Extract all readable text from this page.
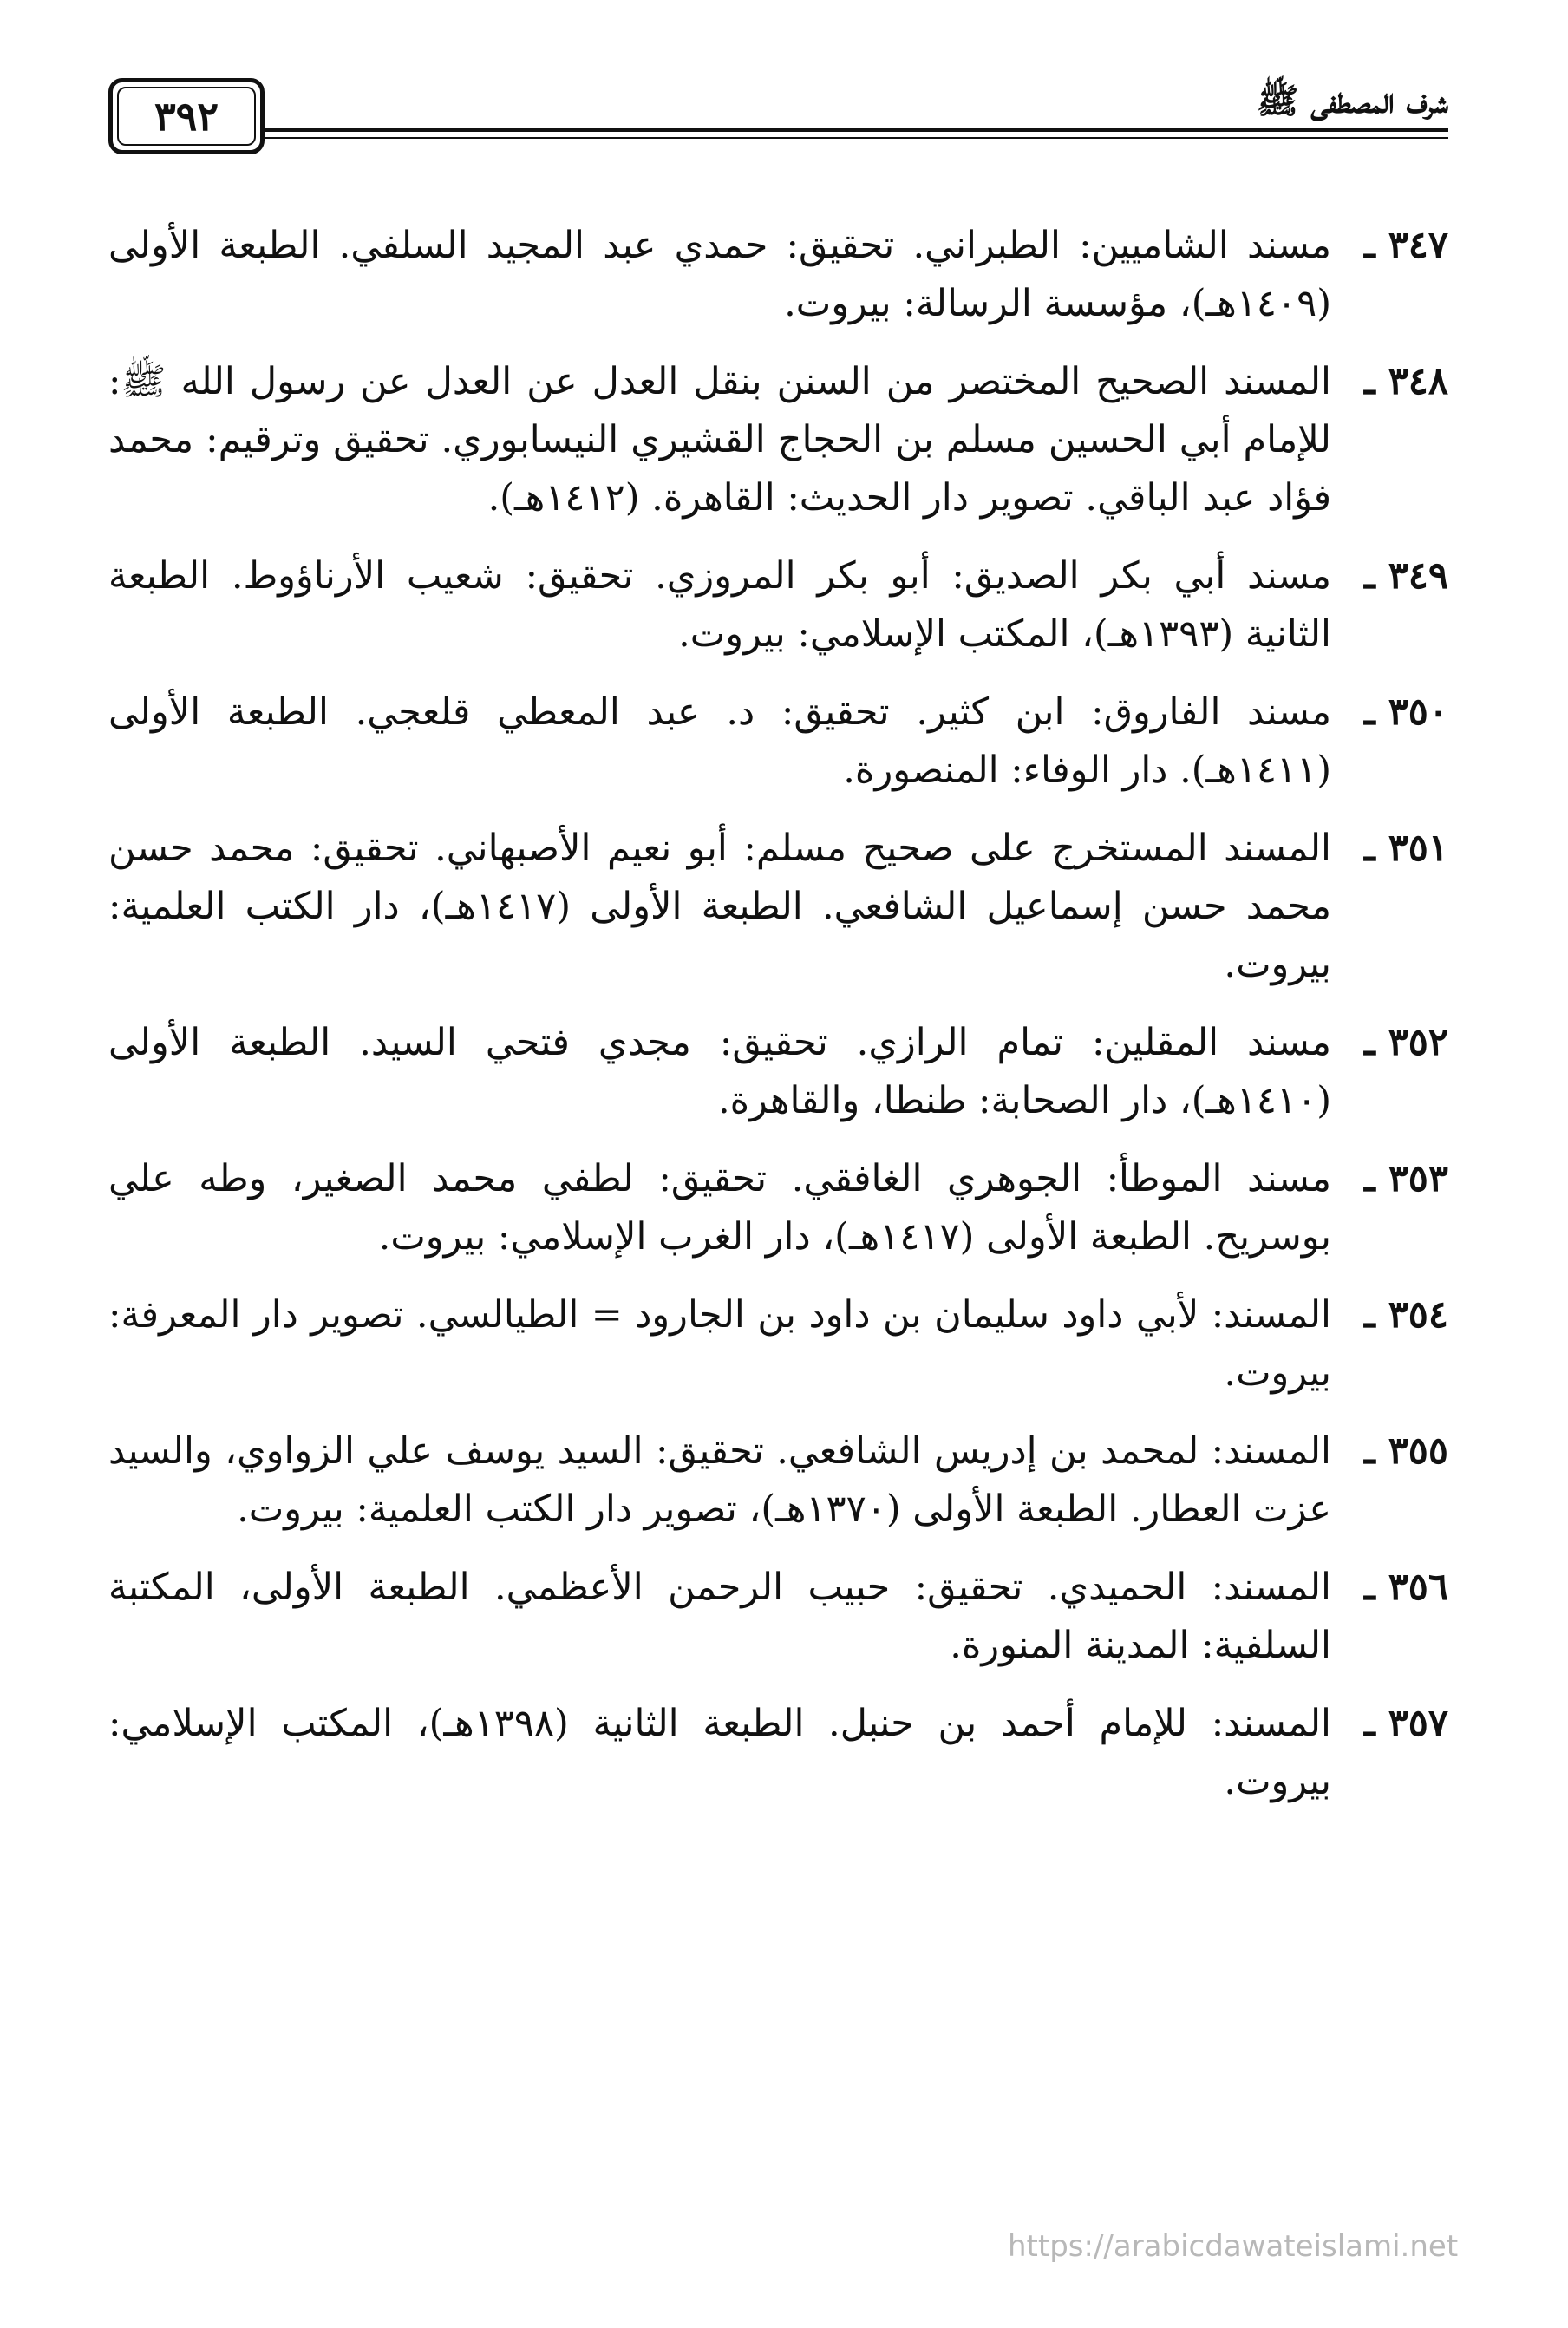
٣٩٢	شرف المصطفى ﷺ
٣٤٧ ـ
مسند الشاميين: الطبراني. تحقيق: حمدي عبد المجيد السلفي. الطبعة الأولى (١٤٠٩هـ)، مؤسسة الرسالة: بيروت.
٣٤٨ ـ
المسند الصحيح المختصر من السنن بنقل العدل عن العدل عن رسول الله ﷺ: للإمام أبي الحسين مسلم بن الحجاج القشيري النيسابوري. تحقيق وترقيم: محمد فؤاد عبد الباقي. تصوير دار الحديث: القاهرة. (١٤١٢هـ).
٣٤٩ ـ
مسند أبي بكر الصديق: أبو بكر المروزي. تحقيق: شعيب الأرناؤوط. الطبعة الثانية (١٣٩٣هـ)، المكتب الإسلامي: بيروت.
٣٥٠ ـ
مسند الفاروق: ابن كثير. تحقيق: د. عبد المعطي قلعجي. الطبعة الأولى (١٤١١هـ). دار الوفاء: المنصورة.
٣٥١ ـ
المسند المستخرج على صحيح مسلم: أبو نعيم الأصبهاني. تحقيق: محمد حسن محمد حسن إسماعيل الشافعي. الطبعة الأولى (١٤١٧هـ)، دار الكتب العلمية: بيروت.
٣٥٢ ـ
مسند المقلين: تمام الرازي. تحقيق: مجدي فتحي السيد. الطبعة الأولى (١٤١٠هـ)، دار الصحابة: طنطا، والقاهرة.
٣٥٣ ـ
مسند الموطأ: الجوهري الغافقي. تحقيق: لطفي محمد الصغير، وطه علي بوسريح. الطبعة الأولى (١٤١٧هـ)، دار الغرب الإسلامي: بيروت.
٣٥٤ ـ
المسند: لأبي داود سليمان بن داود بن الجارود = الطيالسي. تصوير دار المعرفة: بيروت.
٣٥٥ ـ
المسند: لمحمد بن إدريس الشافعي. تحقيق: السيد يوسف علي الزواوي، والسيد عزت العطار. الطبعة الأولى (١٣٧٠هـ)، تصوير دار الكتب العلمية: بيروت.
٣٥٦ ـ
المسند: الحميدي. تحقيق: حبيب الرحمن الأعظمي. الطبعة الأولى، المكتبة السلفية: المدينة المنورة.
٣٥٧ ـ
المسند: للإمام أحمد بن حنبل. الطبعة الثانية (١٣٩٨هـ)، المكتب الإسلامي: بيروت.
https://arabicdawateislami.net
